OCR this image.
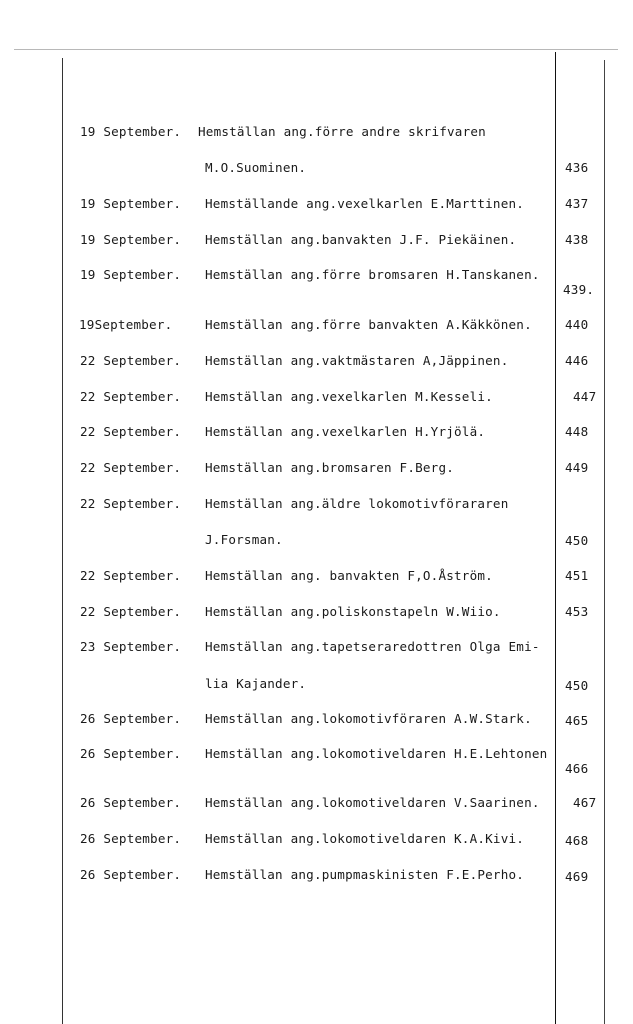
19 September. Hemställan ang.förre andre skrifvaren
M.O.Suominen.	436
19 September. Hemställande ang.vexelkarlen E.Marttinen.	437
19 September. Hemställan ang.banvakten J.F. Piekäinen.	438
19 September. Hemställan ang.förre bromsaren H.Tanskanen.
439.
19September.	Hemställan ang.förre banvakten A.Käkkönen.	440
22 September. Hemställan ang.vaktmästaren A,Jäppinen.	446
22 September. Hemställan ang.vexelkarlen M.Kesseli.	447
22 September. Hemställan ang.vexelkarlen H.Yrjölä.	448
22 September. Hemställan ang.bromsaren F.Berg.	449
22 September. Hemställan ang.äldre lokomotivförararen
J.Forsman.	450
22 September. Hemställan ang. banvakten F,O.Åström.	451
22 September. Hemställan ang.poliskonstapeln W.Wiio.	453
23 September. Hemställan ang.tapetseraredottren Olga Emi-
lia Kajander.	450
26 September. Hemställan ang.lokomotivföraren A.W.Stark.	465
26 September. Hemställan ang.lokomotiveldaren H.E.Lehtonen
466
26 September. Hemställan ang.lokomotiveldaren V.Saarinen.	467
26 September. Hemställan ang.lokomotiveldaren K.A.Kivi.	468
26 September. Hemställan ang.pumpmaskinisten F.E.Perho.	469
